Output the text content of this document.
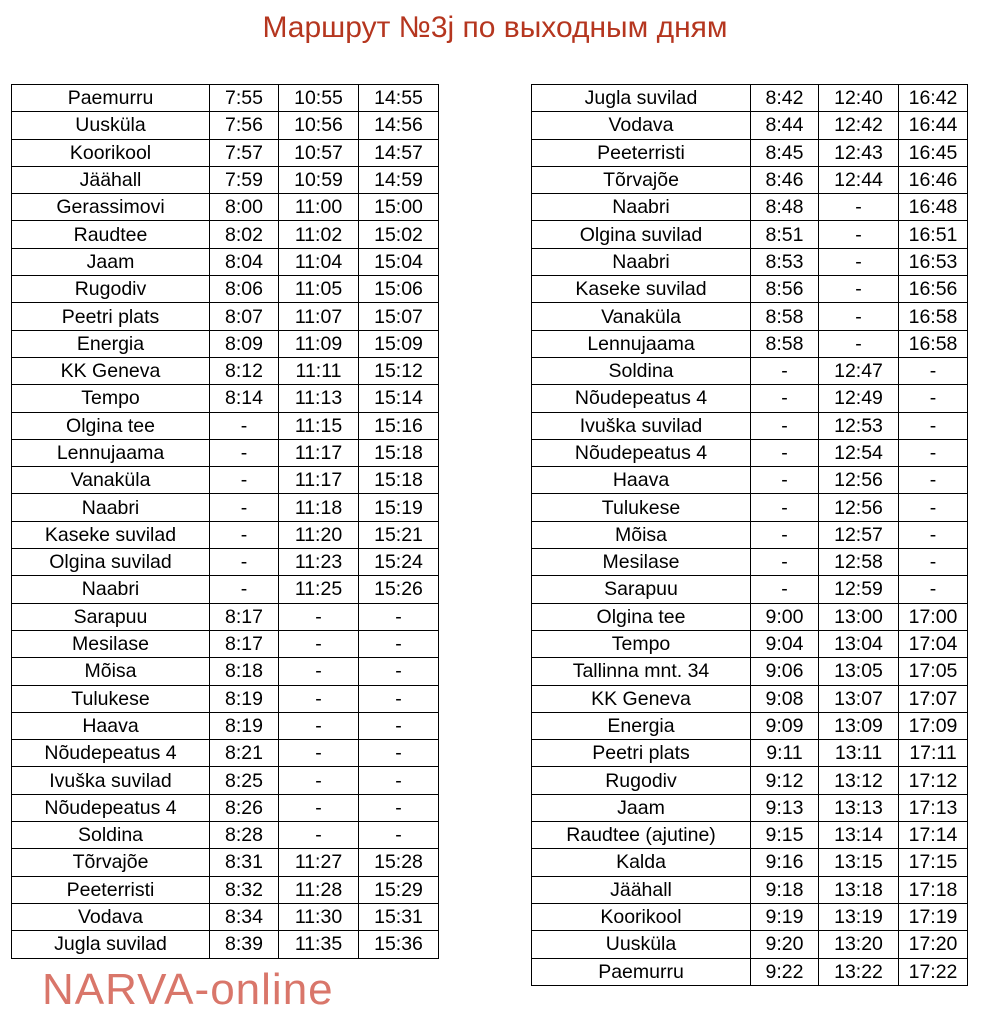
Маршрут №3j по выходным дням
Paemurru	7:55	10:55	14:55
Uusküla	7:56	10:56	14:56
Koorikool	7:57	10:57	14:57
Jäähall	7:59	10:59	14:59
Gerassimovi	8:00	11:00	15:00
Raudtee	8:02	11:02	15:02
Jaam	8:04	11:04	15:04
Rugodiv	8:06	11:05	15:06
Peetri plats	8:07	11:07	15:07
Energia	8:09	11:09	15:09
KK Geneva	8:12	11:11	15:12
Tempo	8:14	11:13	15:14
Olgina tee	-	11:15	15:16
Lennujaama	-	11:17	15:18
Vanaküla	-	11:17	15:18
Naabri	-	11:18	15:19
Kaseke suvilad	-	11:20	15:21
Olgina suvilad	-	11:23	15:24
Naabri	-	11:25	15:26
Sarapuu	8:17	-	-
Mesilase	8:17	-	-
Mõisa	8:18	-	-
Tulukese	8:19	-	-
Haava	8:19	-	-
Nõudepeatus 4	8:21	-	-
Ivuška suvilad	8:25	-	-
Nõudepeatus 4	8:26	-	-
Soldina	8:28	-	-
Tõrvajõe	8:31	11:27	15:28
Peeterristi	8:32	11:28	15:29
Vodava	8:34	11:30	15:31
Jugla suvilad	8:39	11:35	15:36
Jugla suvilad	8:42	12:40	16:42
Vodava	8:44	12:42	16:44
Peeterristi	8:45	12:43	16:45
Tõrvajõe	8:46	12:44	16:46
Naabri	8:48	-	16:48
Olgina suvilad	8:51	-	16:51
Naabri	8:53	-	16:53
Kaseke suvilad	8:56	-	16:56
Vanaküla	8:58	-	16:58
Lennujaama	8:58	-	16:58
Soldina	-	12:47	-
Nõudepeatus 4	-	12:49	-
Ivuška suvilad	-	12:53	-
Nõudepeatus 4	-	12:54	-
Haava	-	12:56	-
Tulukese	-	12:56	-
Mõisa	-	12:57	-
Mesilase	-	12:58	-
Sarapuu	-	12:59	-
Olgina tee	9:00	13:00	17:00
Tempo	9:04	13:04	17:04
Tallinna mnt. 34	9:06	13:05	17:05
KK Geneva	9:08	13:07	17:07
Energia	9:09	13:09	17:09
Peetri plats	9:11	13:11	17:11
Rugodiv	9:12	13:12	17:12
Jaam	9:13	13:13	17:13
Raudtee (ajutine)	9:15	13:14	17:14
Kalda	9:16	13:15	17:15
Jäähall	9:18	13:18	17:18
Koorikool	9:19	13:19	17:19
Uusküla	9:20	13:20	17:20
Paemurru	9:22	13:22	17:22
NARVA-online
